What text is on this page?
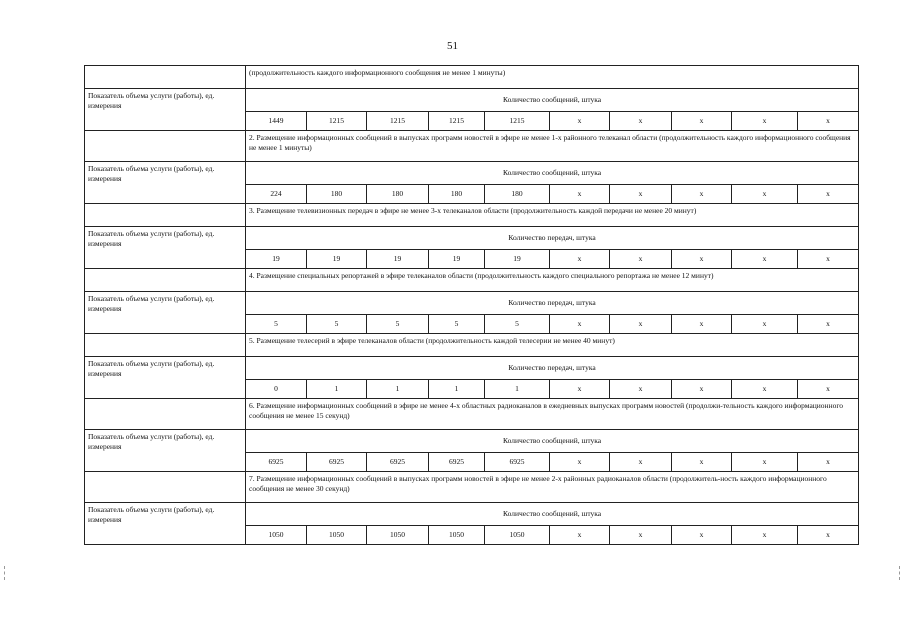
51
	(продолжительность каждого информационного сообщения не менее 1 минуты)									
Показатель объема услуги (работы), ед. измерения	Количество сообщений, штука									
	1449	1215	1215	1215	1215	х	х	х	х	х
	2. Размещение информационных сообщений в выпусках программ новостей в эфире не менее 1-х районного телеканал области (продолжительность каждого информационного сообщения не менее 1 минуты)									
Показатель объема услуги (работы), ед. измерения	Количество сообщений, штука									
	224	180	180	180	180	х	х	х	х	х
	3. Размещение телевизионных передач в эфире не менее 3-х телеканалов области (продолжительность каждой передачи не менее 20 минут)									
Показатель объема услуги (работы), ед. измерения	Количество передач, штука									
	19	19	19	19	19	х	х	х	х	х
	4. Размещение специальных репортажей в эфире телеканалов области (продолжительность каждого специального репортажа не менее 12 минут)									
Показатель объема услуги (работы), ед. измерения	Количество передач, штука									
	5	5	5	5	5	х	х	х	х	х
	5. Размещение телесерий в эфире телеканалов области (продолжительность каждой телесерии не менее 40 минут)									
Показатель объема услуги (работы), ед. измерения	Количество передач, штука									
	0	1	1	1	1	х	х	х	х	х
	6. Размещение информационных сообщений в эфире не менее 4-х областных радиоканалов в ежедневных выпусках программ новостей (продолжи-тельность каждого информационного сообщения не менее 15 секунд)									
Показатель объема услуги (работы), ед. измерения	Количество сообщений, штука									
	6925	6925	6925	6925	6925	х	х	х	х	х
	7. Размещение информационных сообщений в выпусках программ новостей в эфире не менее 2-х районных радиоканалов области (продолжитель-ность каждого информационного сообщения не менее 30 секунд)									
Показатель объема услуги (работы), ед. измерения	Количество сообщений, штука									
	1050	1050	1050	1050	1050	х	х	х	х	х
